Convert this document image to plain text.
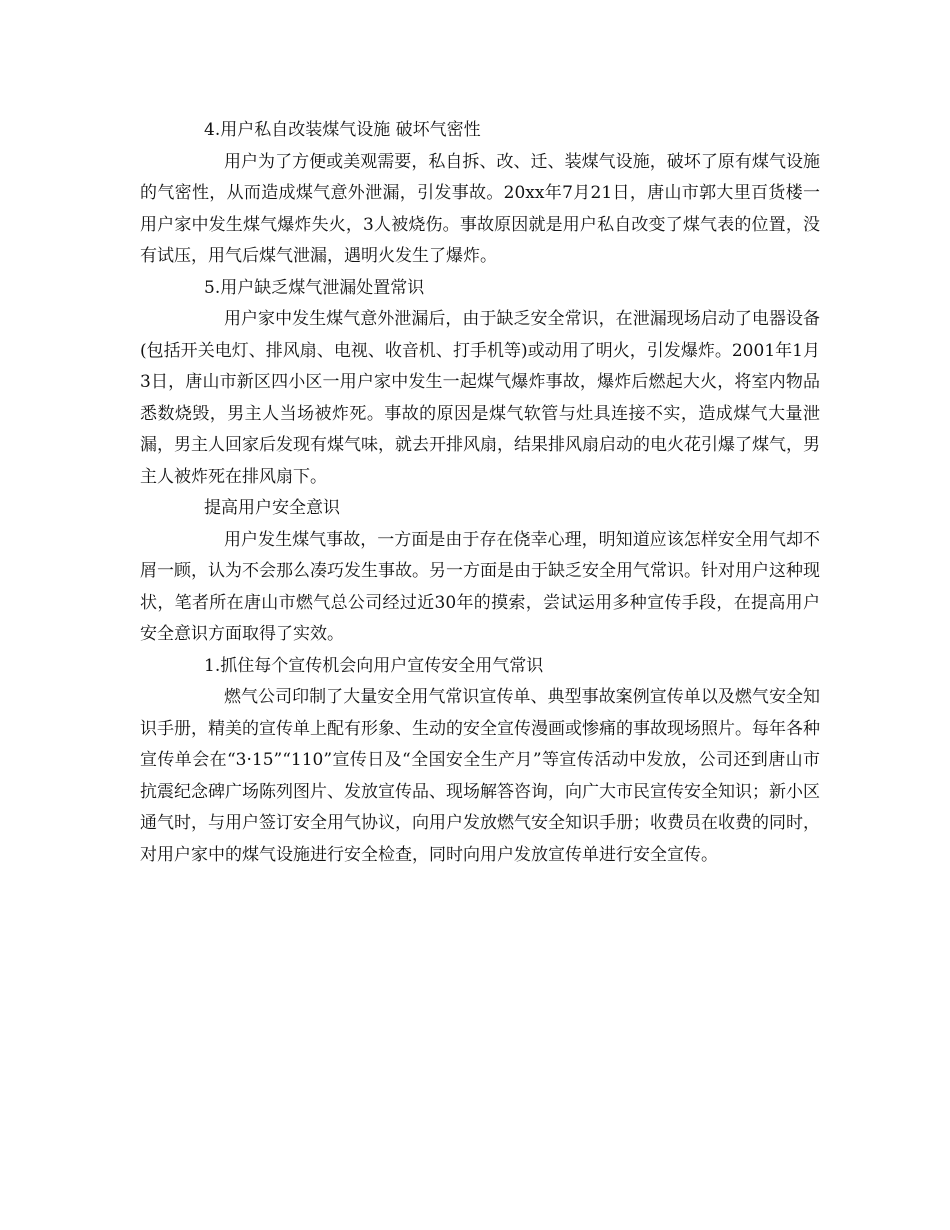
4.用户私自改装煤气设施 破坏气密性

用户为了方便或美观需要，私自拆、改、迁、装煤气设施，破坏了原有煤气设施的气密性，从而造成煤气意外泄漏，引发事故。20xx年7月21日，唐山市郭大里百货楼一用户家中发生煤气爆炸失火，3人被烧伤。事故原因就是用户私自改变了煤气表的位置，没有试压，用气后煤气泄漏，遇明火发生了爆炸。

5.用户缺乏煤气泄漏处置常识

用户家中发生煤气意外泄漏后，由于缺乏安全常识，在泄漏现场启动了电器设备(包括开关电灯、排风扇、电视、收音机、打手机等)或动用了明火，引发爆炸。2001年1月3日，唐山市新区四小区一用户家中发生一起煤气爆炸事故，爆炸后燃起大火，将室内物品悉数烧毁，男主人当场被炸死。事故的原因是煤气软管与灶具连接不实，造成煤气大量泄漏，男主人回家后发现有煤气味，就去开排风扇，结果排风扇启动的电火花引爆了煤气，男主人被炸死在排风扇下。

提高用户安全意识

用户发生煤气事故，一方面是由于存在侥幸心理，明知道应该怎样安全用气却不屑一顾，认为不会那么凑巧发生事故。另一方面是由于缺乏安全用气常识。针对用户这种现状，笔者所在唐山市燃气总公司经过近30年的摸索，尝试运用多种宣传手段，在提高用户安全意识方面取得了实效。

1.抓住每个宣传机会向用户宣传安全用气常识

燃气公司印制了大量安全用气常识宣传单、典型事故案例宣传单以及燃气安全知识手册，精美的宣传单上配有形象、生动的安全宣传漫画或惨痛的事故现场照片。每年各种宣传单会在“3·15”“110”宣传日及“全国安全生产月”等宣传活动中发放，公司还到唐山市抗震纪念碑广场陈列图片、发放宣传品、现场解答咨询，向广大市民宣传安全知识；新小区通气时，与用户签订安全用气协议，向用户发放燃气安全知识手册；收费员在收费的同时，对用户家中的煤气设施进行安全检查，同时向用户发放宣传单进行安全宣传。
